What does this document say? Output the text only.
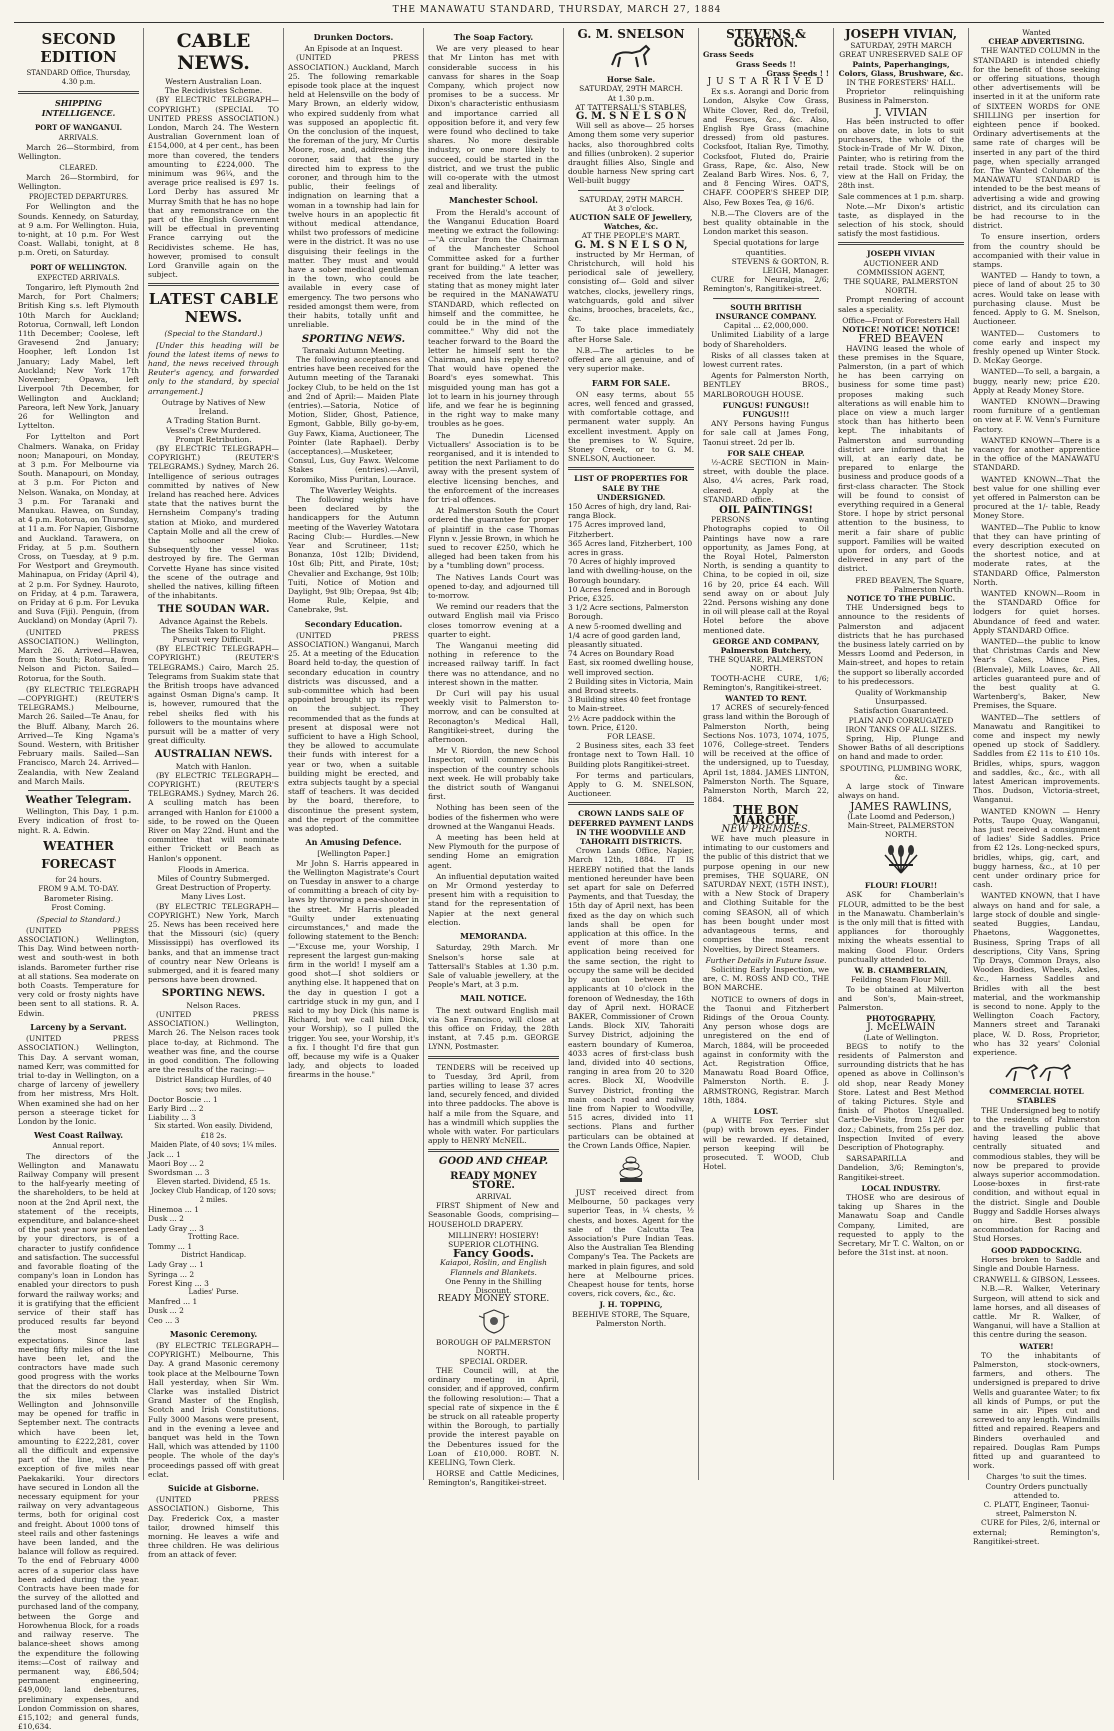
THE MANAWATU STANDARD, THURSDAY, MARCH 27, 1884
SECOND EDITION
STANDARD Office, Thursday, 4.30 p.m.
SHIPPING INTELLIGENCE.
PORT OF WANGANUI.
ARRIVALS.

March 26—Stormbird, from Wellington.

CLEARED.

March 26—Stormbird, for Wellington.

PROJECTED DEPARTURES.

For Wellington and the Sounds. Kennedy, on Saturday, at 9 a.m. For Wellington. Huia, to-night, at 10 p.m. For West Coast. Wallabi, tonight, at 8 p.m. Oreti, on Saturday.

PORT OF WELLINGTON.
EXPECTED ARRIVALS.

Tongariro, left Plymouth 2nd March, for Port Chalmers; British King s.s. left Plymouth 10th March for Auckland; Rotorua, Cornwall, left London 11th December; Coolese, left Gravesend 2nd January; Hoopher, left London 1st January; Lady Mabel, left Auckland; New York 17th November; Opawa, left Liverpool 7th December, for Wellington and Auckland; Pareora, left New York, January 26 for Wellington and Lyttelton.

For Lyttelton and Port Chalmers. Wanaka, on Friday noon; Manapouri, on Monday, at 3 p.m. For Melbourne via South. Manapouri, on Monday, at 3 p.m. For Picton and Nelson. Wanaka, on Monday, at 3 p.m. For Taranaki and Manukau. Hawea, on Sunday, at 4 p.m. Rotorua, on Thursday, at 11 a.m. For Napier, Gisborne and Auckland. Tarawera, on Friday, at 5 p.m. Southern Cross, on Tuesday, at 9 p.m. For Westport and Greymouth. Mahinapua, on Friday (April 4), at 2 p.m. For Sydney. Hauroto, on Friday, at 4 p.m. Tarawera, on Friday at 6 p.m. For Levuka and Suva (Fiji). Penguin, (from Auckland) on Monday (April 7).

(UNITED PRESS ASSOCIATION.) Wellington, March 26. Arrived—Hawea, from the South; Rotorua, from Nelson and Picton. Sailed—Rotorua, for the South.

(BY ELECTRIC TELEGRAPH—COPYRIGHT.) (REUTER'S TELEGRAMS.) Melbourne, March 26. Sailed—Te Anau, for the Bluff. Albany, March 26. Arrived—Te King Ngama's Sound. Western, with Britisher February mails. Sailed—San Francisco, March 24. Arrived—Zealandia, with New Zealand and March Mails.

Weather Telegram.

Wellington, This Day, 1 p.m. Every indication of frost to-night. R. A. Edwin.

WEATHER FORECAST
for 24 hours.
FROM 9 A.M. TO-DAY.
Barometer Rising.
Frost Coming.
(Special to Standard.)

(UNITED PRESS ASSOCIATION.) Wellington, This Day. Wind between north-west and south-west in both islands. Barometer further rise at all stations. Sea moderate on both Coasts. Temperature for very cold or frosty nights have been sent to all stations. R. A. Edwin.

Larceny by a Servant.

(UNITED PRESS ASSOCIATION.) Wellington, This Day. A servant woman, named Kerr, was committed for trial to-day in Wellington, on a charge of larceny of jewellery from her mistress, Mrs Holt. When examined she had on her person a steerage ticket for London by the Ionic.

West Coast Railway.
Annual report.

The directors of the Wellington and Manawatu Railway Company will present to the half-yearly meeting of the shareholders, to be held at noon at the 2nd April next, the statement of the receipts, expenditure, and balance-sheet of the past year now presented by your directors, is of a character to justify confidence and satisfaction. The successful and favorable floating of the company's loan in London has enabled your directors to push forward the railway works; and it is gratifying that the efficient service of their staff has produced results far beyond the most sanguine expectations. Since last meeting fifty miles of the line have been let, and the contractors have made such good progress with the works that the directors do not doubt the six miles between Wellington and Johnsonville may be opened for traffic in September next. The contracts which have been let, amounting to £222,281, cover all the difficult and expensive part of the line, with the exception of five miles near Paekakariki. Your directors have secured in London all the necessary equipment for your railway on very advantageous terms, both for original cost and freight. About 1000 tons of steel rails and other fastenings have been landed, and the balance will follow as required. To the end of February 4000 acres of a superior class have been added during the year. Contracts have been made for the survey of the allotted and purchased land of the company, between the Gorge and Horowhenua Block, for a roads and railway reserve. The balance-sheet shows among the expenditure the following items:—Cost of railway and permanent way, £86,504; permanent engineering, £49,000; land debentures, preliminary expenses, and London Commission on shares, £15,102; and general funds, £10,634.

CABLE NEWS.
Western Australian Loan.
The Recidivistes Scheme.

(BY ELECTRIC TELEGRAPH—COPYRIGHT.) (SPECIAL TO UNITED PRESS ASSOCIATION.) London, March 24. The Western Australian Government loan of £154,000, at 4 per cent., has been more than covered, the tenders amounting to £224,000. The minimum was 96¼, and the average price realised is £97 1s. Lord Derby has assured Mr Murray Smith that he has no hope that any remonstrance on the part of the English Government will be effectual in preventing France carrying out the Recidivistes scheme. He has, however, promised to consult Lord Granville again on the subject.

LATEST CABLE NEWS.
(Special to the Standard.)

[Under this heading will be found the latest items of news to hand, the news received through Reuter's agency, and forwarded only to the standard, by special arrangement.]

Outrage by Natives of New Ireland.
A Trading Station Burnt.
Vessel's Crew Murdered.
Prompt Retribution.

(BY ELECTRIC TELEGRAPH—COPYRIGHT.) (REUTER'S TELEGRAMS.) Sydney, March 26. Intelligence of serious outrages committed by natives of New Ireland has reached here. Advices state that the natives burnt the Hernsheim Company's trading station at Mioko, and murdered Captain Molle and all the crew of the schooner Mioko. Subsequently the vessel was destroyed by fire. The German Corvette Hyane has since visited the scene of the outrage and shelled the natives, killing fifteen of the inhabitants.

THE SOUDAN WAR.
Advance Against the Rebels.
The Sheiks Taken to Flight.
Pursuit very Difficult.

(BY ELECTRIC TELEGRAPH—COPYRIGHT.) (REUTER'S TELEGRAMS.) Cairo, March 25. Telegrams from Suakim state that the British troops have advanced against Osman Digna's camp. It is, however, rumoured that the rebel sheiks fled with his followers to the mountains where pursuit will be a matter of very great difficulty.

AUSTRALIAN NEWS.
Match with Hanlon.

(BY ELECTRIC TELEGRAPH—COPYRIGHT.) (REUTER'S TELEGRAMS.) Sydney, March 26. A sculling match has been arranged with Hanlon for £1000 a side, to be rowed on the Queen River on May 22nd. Hunt and the committee that will nominate either Trickett or Beach as Hanlon's opponent.

Floods in America.
Miles of Country Submerged.
Great Destruction of Property.
Many Lives Lost.

(BY ELECTRIC TELEGRAPH—COPYRIGHT.) New York, March 25. News has been received here that the Missouri (sic) (query Mississippi) has overflowed its banks, and that an immense tract of country near New Orleans is submerged, and it is feared many persons have been drowned.

SPORTING NEWS.
Nelson Races.

(UNITED PRESS ASSOCIATION.) Wellington, March 26. The Nelson races took place to-day, at Richmond. The weather was fine, and the course in good condition. The following are the results of the racing:—

District Handicap Hurdles, of 40 sovs; two miles.
Doctor Boscie ... 1
Early Bird ... 2
Liability ... 3
Six started. Won easily. Dividend, £18 2s.
Maiden Plate, of 40 sovs; 1¼ miles.
Jack ... 1
Maori Boy ... 2
Swordsman ... 3
Eleven started. Dividend, £5 1s.
Jockey Club Handicap, of 120 sovs; 2 miles.
Hinemoa ... 1
Dusk ... 2
Lady Gray ... 3
Trotting Race.
Tommy ... 1
District Handicap.
Lady Gray ... 1
Syringa ... 2
Forest King ... 3
Ladies' Purse.
Manfred ... 1
Dusk ... 2
Ceo ... 3
Masonic Ceremony.

(BY ELECTRIC TELEGRAPH—COPYRIGHT.) Melbourne, This Day. A grand Masonic ceremony took place at the Melbourne Town Hall yesterday, when Sir Wm. Clarke was installed District Grand Master of the English, Scotch and Irish Constitutions. Fully 3000 Masons were present, and in the evening a levee and banquet was held in the Town Hall, which was attended by 1100 people. The whole of the day's proceedings passed off with great eclat.

Suicide at Gisborne.

(UNITED PRESS ASSOCIATION.) Gisborne, This Day. Frederick Cox, a master tailor, drowned himself this morning. He leaves a wife and three children. He was delirious from an attack of fever.

Drunken Doctors.
An Episode at an Inquest.

(UNITED PRESS ASSOCIATION.) Auckland, March 25. The following remarkable episode took place at the inquest held at Helensville on the body of Mary Brown, an elderly widow, who expired suddenly from what was supposed an apoplectic fit. On the conclusion of the inquest, the foreman of the jury, Mr Curtis Moore, rose, and, addressing the coroner, said that the jury directed him to express to the coroner, and through him to the public, their feelings of indignation on learning that a woman in a township had lain for twelve hours in an apoplectic fit without medical attendance, whilst two professors of medicine were in the district. It was no use disguising their feelings in the matter. They must and would have a sober medical gentleman in the town, who could be available in every case of emergency. The two persons who resided amongst them were, from their habits, totally unfit and unreliable.

SPORTING NEWS.
Taranaki Autumn Meeting.

The following acceptances and entries have been received for the Autumn meeting of the Taranaki Jockey Club, to be held on the 1st and 2nd of April:— Maiden Plate (entries).—Satoria, Notice of Motion, Slider, Ghost, Patience, Egmont, Gabble, Billy go-by-em, Guy Fawx, Kiama, Auctioneer, The Pointer (late Raphael). Derby (acceptances).—Musketeer, Consul, Lus, Guy Fawx. Welcome Stakes (entries).—Anvil, Koromiko, Miss Puritan, Lourace.

The Waverley Weights.

The following weights have been declared by the handicappers for the Autumn meeting of the Waverley Watotara Racing Club:— Hurdles.—New Year and Scrutineer, 11st; Bonanza, 10st 12lb; Dividend, 10st 6lb; Pitt, and Pirate, 10st; Chevalier and Exchange, 9st 10lb; Tuiti, Notice of Motion and Daylight, 9st 9lb; Orepaa, 9st 4lb; Home Rule, Kelpie, and Canebrake, 9st.

Secondary Education.

(UNITED PRESS ASSOCIATION.) Wanganui, March 25. At a meeting of the Education Board held to-day, the question of secondary education in country districts was discussed, and a sub-committee which had been appointed brought up its report on the subject. They recommended that as the funds at present at disposal were not sufficient to have a High School, they be allowed to accumulate their funds with interest for a year or two, when a suitable building might be erected, and extra subjects taught by a special staff of teachers. It was decided by the board, therefore, to discontinue the present system, and the report of the committee was adopted.

An Amusing Defence.
[Wellington Paper.]

Mr John S. Harris appeared in the Wellington Magistrate's Court on Tuesday in answer to a charge of committing a breach of city by-laws by throwing a pea-shooter in the street. Mr Harris pleaded "Guilty under extenuating circumstances," and made the following statement to the Bench:—"Excuse me, your Worship, I represent the largest gun-making firm in the world! I myself am a good shot—I shot soldiers or anything else. It happened that on the day in question I got a cartridge stuck in my gun, and I said to my boy Dick (his name is Richard, but we call him Dick, your Worship), so I pulled the trigger. You see, your Worship, it's a fix. I thought I'd fire that gun off, because my wife is a Quaker lady, and objects to loaded firearms in the house."

The Soap Factory.

We are very pleased to hear that Mr Linton has met with considerable success in his canvass for shares in the Soap Company, which project now promises to be a success. Mr Dixon's characteristic enthusiasm and importance carried all opposition before it, and very few were found who declined to take shares. No more desirable industry, or one more likely to succeed, could be started in the district, and we trust the public will co-operate with the utmost zeal and liberality.

Manchester School.

From the Herald's account of the Wanganui Education Board meeting we extract the following:—"A circular from the Chairman of the Manchester School Committee asked for a further grant for building." A letter was received from the late teacher, stating that as money might later be required in the MANAWATU STANDARD, which reflected on himself and the committee, he could be in the mind of the committee." Why did not the teacher forward to the Board the letter he himself sent to the Chairman, and his reply thereto? That would have opened the Board's eyes somewhat. This misguided young man has got a lot to learn in his journey through life, and we fear he is beginning in the right way to make many troubles as he goes.

The Dunedin Licensed Victuallers' Association is to be reorganised, and it is intended to petition the next Parliament to do away with the present system of elective licensing benches, and the enforcement of the increases for tri-al offences.

At Palmerston South the Court ordered the guarantee for proper of plaintiff in the case Thomas Flynn v. Jessie Brown, in which he sued to recover £250, which he alleged had been taken from his by a "tumbling down" process.

The Natives Lands Court was opened to-day, and adjourned till to-morrow.

We remind our readers that the outward English mail via Frisco closes tomorrow evening at a quarter to eight.

The Wanganui meeting did nothing in reference to the increased railway tariff. In fact there was no attendance, and no interest shown in the matter.

Dr Curl will pay his usual weekly visit to Palmerston to-morrow, and can be consulted at Reconagton's Medical Hall, Rangitikei-street, during the afternoon.

Mr V. Riordon, the new School Inspector, will commence his inspection of the country schools next week. He will probably take the district south of Wanganui first.

Nothing has been seen of the bodies of the fishermen who were drowned at the Wanganui Heads.

A meeting has been held at New Plymouth for the purpose of sending Home an emigration agent.

An influential deputation waited on Mr Ormond yesterday to present him with a requisition to stand for the representation of Napier at the next general election.

MEMORANDA.

Saturday, 29th March. Mr Snelson's horse sale at Tattersall's Stables at 1.30 p.m. Sale of valuable jewellery, at the People's Mart, at 3 p.m.

MAIL NOTICE.

The next outward English mail via San Francisco, will close at this office on Friday, the 28th instant, at 7.45 p.m. GEORGE LYNN, Postmaster.

TENDERS will be received up to Tuesday, 3rd April, from parties willing to lease 37 acres land, securely fenced, and divided into three paddocks. The above is half a mile from the Square, and has a windmill which supplies the whole with water. For particulars apply to HENRY McNEIL.

GOOD AND CHEAP.
READY MONEY STORE.
ARRIVAL

FIRST Shipment of New and Seasonable Goods, comprising— HOUSEHOLD DRAPERY.

MILLINERY! HOSIERY!
SUPERIOR CLOTHING.
Fancy Goods.
Kaiapoi, Roslin, and English Flannels and Blankets.
One Penny in the Shilling Discount.
READY MONEY STORE.
BOROUGH OF PALMERSTON NORTH.
SPECIAL ORDER.

THE Council will, at the ordinary meeting in April, consider, and if approved, confirm the following resolution:— That a special rate of sixpence in the £ be struck on all rateable property within the Borough, to partially provide the interest payable on the Debentures issued for the Loan of £10,000. ROBT. N. KEELING, Town Clerk.

HORSE and Cattle Medicines, Remington's, Rangitikei-street.

G. M. SNELSON
Horse Sale.
SATURDAY, 29TH MARCH.
At 1.30 p.m.
AT TATTERSALL'S STABLES,
G. M. S N E L S O N

Will sell as above— 25 horses Among them some very superior hacks, also thoroughbred colts and fillies (unbroken). 2 superior draught fillies Also, Single and double harness New spring cart Well-built buggy

SATURDAY, 29TH MARCH.
At 3 o'clock.
AUCTION SALE OF Jewellery, Watches, &c.
AT THE PEOPLE'S MART.
G. M. S N E L S O N,

instructed by Mr Herman, of Christchurch, will hold his periodical sale of jewellery, consisting of— Gold and silver watches, clocks, jewellery rings, watchguards, gold and silver chains, brooches, bracelets, &c., &c.

To take place immediately after Horse Sale.

N.B.—The articles to be offered are all genuine, and of very superior make.

FARM FOR SALE.

ON easy terms, about 55 acres, well fenced and grassed, with comfortable cottage, and permanent water supply. An excellent investment. Apply on the premises to W. Squire, Stoney Creek, or to G. M. SNELSON, Auctioneer.

LIST OF PROPERTIES FOR SALE BY THE UNDERSIGNED.
150 Acres of high, dry land, Rai-ranga Block.
175 Acres improved land, Fitzherbert.
365 Acres land, Fitzherbert, 100 acres in grass.
70 Acres of highly improved land with dwelling-house, on the Borough boundary.
10 Acres fenced and in Borough Price, £325.
3 1/2 Acre sections, Palmerston Borough.
A new 5-roomed dwelling and 1/4 acre of good garden land, pleasantly situated.
74 Acres on Boundary Road East, six roomed dwelling house, well improved section.
2 Building sites in Victoria, Main and Broad streets.
3 Building sites 40 feet frontage to Main-street.
2½ Acre paddock within the town. Price, £120.
FOR LEASE.

2 Business sites, each 33 feet frontage next to Town Hall. 10 Building plots Rangitikei-street.

For terms and particulars, Apply to G. M. SNELSON, Auctioneer.

CROWN LANDS SALE OF DEFERRED PAYMENT LANDS IN THE WOODVILLE AND TAHORAITI DISTRICTS.

Crown Lands Office, Napier, March 12th, 1884. IT IS HEREBY notified that the lands mentioned hereunder have been set apart for sale on Deferred Payments, and that Tuesday, the 15th day of April next, has been fixed as the day on which such lands shall be open for application at this office. In the event of more than one application being received for the same section, the right to occupy the same will be decided by auction between the applicants at 10 o'clock in the forenoon of Wednesday, the 16th day of April next. HORACE BAKER, Commissioner of Crown Lands. Block XIV, Tahoraiti Survey District, adjoining the eastern boundary of Kumeroa, 4033 acres of first-class bush land, divided into 40 sections, ranging in area from 20 to 320 acres. Block XI, Woodville Survey District, fronting the main coach road and railway line from Napier to Woodville, 515 acres, divided into 11 sections. Plans and further particulars can be obtained at the Crown Lands Office, Napier.

JUST received direct from Melbourne, 50 packages very superior Teas, in ¼ chests, ½ chests, and boxes. Agent for the sale of the Calcutta Tea Association's Pure Indian Teas. Also the Australian Tea Blending Company's Tea. The Packets are marked in plain figures, and sold here at Melbourne prices. Cheapest house for tents, horse covers, rick covers, &c., &c.

J. H. TOPPING,
BEEHIVE STORE, The Square, Palmerston North.
STEVENS & GORTON.
Grass Seeds
Grass Seeds !!
Grass Seeds ! !
J U S T A R R I V E D

Ex s.s. Aorangi and Doric from London, Alsyke Cow Grass, White Clover, Red do, Trefoil, and Fescues, &c., &c. Also, English Rye Grass (machine dressed) from old pastures. Cocksfoot, Italian Rye, Timothy, Cocksfoot, Fluted do, Prairie Grass, Rape, &c. Also, New Zealand Barb Wires. Nos. 6, 7, and 8 Fencing Wires. OAT'S, CHAFF. COOPER'S SHEEP DIP, Also, Few Boxes Tea, @ 16/6.

N.B.—The Clovers are of the best quality obtainable in the London market this season.

Special quotations for large quantities.
STEVENS & GORTON, R. LEIGH, Manager.

CURE for Neuralgia, 2/6; Remington's, Rangitikei-street.

SOUTH BRITISH INSURANCE COMPANY.
Capital ... £2,000,000.

Unlimited Liability of a large body of Shareholders.

Risks of all classes taken at lowest current rates.

Agents for Palmerston North, BENTLEY BROS., MARLBOROUGH HOUSE.

FUNGUS! FUNGUS!! FUNGUS!!!

ANY Persons having Fungus for sale call at James Fong, Taonui street. 2d per lb.

FOR SALE CHEAP.

½-ACRE SECTION in Main-street, with double the place. Also, 4¼ acres, Park road, cleared. Apply at the STANDARD office.

OIL PAINTINGS!

PERSONS wanting Photographs copied to Oil Paintings have now a rare opportunity, as James Fong, at the Royal Hotel, Palmerston North, is sending a quantity to China, to be copied in oil, size 16 by 20, price £4 each. Will send away on or about July 22nd. Persons wishing any done in oil will please call at the Royal Hotel before the above mentioned date.

GEORGE AND COMPANY,
Palmerston Butchery,
THE SQUARE, PALMERSTON NORTH.

TOOTH-ACHE CURE, 1/6; Remington's, Rangitikei-street.

WANTED TO RENT.

17 ACRES of securely-fenced grass land within the Borough of Palmerston North, being Sections Nos. 1073, 1074, 1075, 1076, College-street. Tenders will be received at the office of the undersigned, up to Tuesday, April 1st, 1884. JAMES LINTON, Palmerston North. The Square, Palmerston North, March 22, 1884.

THE BON MARCHE,
NEW PREMISES.

WE have much pleasure in intimating to our customers and the public of this district that we purpose opening in our new premises, THE SQUARE, ON SATURDAY NEXT, (15TH INST.), with a New Stock of Drapery and Clothing Suitable for the coming SEASON, all of which has been bought under most advantageous terms, and comprises the most recent Novelties, by Direct Steamers.

Further Details in Future Issue.

Soliciting Early Inspection, we are, C. M. ROSS AND CO., THE BON MARCHE.

NOTICE to owners of dogs in the Taonui and Fitzherbert Ridings of the Oroua County. Any person whose dogs are unregistered on the end of March, 1884, will be proceeded against in conformity with the Act. Registration Office, Manawatu Road Board Office, Palmerston North. E. J. ARMSTRONG, Registrar. March 18th, 1884.

LOST.

A WHITE Fox Terrier slut (pup) with brown eyes. Finder will be rewarded. If detained, person keeping will be prosecuted. T. WOOD, Club Hotel.

JOSEPH VIVIAN,
SATURDAY, 29TH MARCH
GREAT UNRESERVED SALE OF
Paints, Paperhangings, Colors, Glass, Brushware, &c.
IN THE FORESTERS' HALL.

Proprietor relinquishing Business in Palmerston.

J. VIVIAN

Has been instructed to offer on above date, in lots to suit purchasers, the whole of the Stock-in-Trade of Mr W. Dixon, Painter, who is retiring from the retail trade. Stock will be on view at the Hall on Friday, the 28th inst.

Sale commences at 1 p.m. sharp.

Note.—Mr Dixon's artistic taste, as displayed in the selection of his stock, should satisfy the most fastidious.

JOSEPH VIVIAN
AUCTIONEER AND COMMISSION AGENT,
THE SQUARE, PALMERSTON NORTH.

Prompt rendering of account sales a speciality.

Office—Front of Foresters Hall
NOTICE! NOTICE! NOTICE!
FRED BEAVEN

HAVING leased the whole of these premises in the Square, Palmerston, (in a part of which he has been carrying on business for some time past) proposes making such alterations as will enable him to place on view a much larger stock than has hitherto been kept. The inhabitants of Palmerston and surrounding district are informed that he will, at an early date, be prepared to enlarge the business and produce goods of a first-class character. The Stock will be found to consist of everything required in a General Store. I hope by strict personal attention to the business, to merit a fair share of public support. Families will be waited upon for orders, and Goods delivered in any part of the district.

FRED BEAVEN, The Square, Palmerston North.
NOTICE TO THE PUBLIC.

THE Undersigned begs to announce to the residents of Palmerston and adjacent districts that he has purchased the business lately carried on by Messrs Loomd and Pederson, in Main-street, and hopes to retain the support so liberally accorded to his predecessors.

Quality of Workmanship Unsurpassed.
Satisfaction Guaranteed.
PLAIN AND CORRUGATED IRON TANKS OF ALL SIZES.

Spring, Hip, Plunge and Shower Baths of all descriptions on hand and made to order.

SPOUTING, PLUMBING WORK, &c.

A large stock of Tinware always on hand.

JAMES RAWLINS,
(Late Loomd and Pederson,) Main-Street, PALMERSTON NORTH.
FLOUR! FLOUR!!

ASK for Chamberlain's FLOUR, admitted to be the best in the Manawatu. Chamberlain's is the only mill that is fitted with appliances for thoroughly mixing the wheats essential to making Good Flour. Orders punctually attended to.

W. B. CHAMBERLAIN,
Feilding Steam Flour Mill.

To be obtained at Milverton and Son's, Main-street, Palmerston.

PHOTOGRAPHY.
J. McELWAIN
(Late of Wellington.

BEGS to notify to the residents of Palmerston and surrounding districts that he has opened as above in Collinson's old shop, near Ready Money Store. Latest and Best Method of taking Pictures. Style and finish of Photos Unequalled. Carte-De-Visite, from 12/6 per doz.; Cabinets, from 25s per doz. Inspection Invited of every Description of Photography.

SARSAPARILLA and Dandelion, 3/6; Remington's, Rangitikei-street.

LOCAL INDUSTRY.

THOSE who are desirous of taking up Shares in the Manawatu Soap and Candle Company, Limited, are requested to apply to the Secretary, Mr T. C. Walton, on or before the 31st inst. at noon.

Wanted
CHEAP ADVERTISING.

THE WANTED COLUMN in the STANDARD is intended chiefly for the benefit of those seeking or offering situations, though other advertisements will be inserted in it at the uniform rate of SIXTEEN WORDS for ONE SHILLING per insertion for eighteen pence if booked. Ordinary advertisements at the same rate of charges will be inserted in any part of the third page, when specially arranged for. The Wanted Column of the MANAWATU STANDARD is intended to be the best means of advertising a wide and growing district, and its circulation can be had recourse to in the district.

To ensure insertion, orders from the country should be accompanied with their value in stamps.

WANTED — Handy to town, a piece of land of about 25 to 30 acres. Would take on lease with purchasing clause. Must be fenced. Apply to G. M. Snelson, Auctioneer.

WANTED— Customers to come early and inspect my freshly opened up Winter Stock. D. McKay George.

WANTED—To sell, a bargain, a buggy, nearly new; price £20. Apply at Ready Money Store.

WANTED KNOWN—Drawing room furniture of a gentleman on view at F. W. Venn's Furniture Factory.

WANTED KNOWN—There is a vacancy for another apprentice in the office of the MANAWATU STANDARD.

WANTED KNOWN—That the best value for one shilling ever yet offered in Palmerston can be procured at the 1/- table, Ready Money Store.

WANTED—The Public to know that they can have printing of every description executed on the shortest notice, and at moderate rates, at the STANDARD Office, Palmerston North.

WANTED KNOWN—Room in the STANDARD Office for lodgers for quiet horses. Abundance of feed and water. Apply STANDARD Office.

WANTED—the public to know that Christmas Cards and New Year's Cakes, Mince Pies, (Blenvale), Milk Loaves, &c. All articles guaranteed pure and of the best quality at G. Wartenberg's, Baker, New Premises, the Square.

WANTED—The settlers of Manawatu and Rangitikei to come and inspect my newly opened up stock of Saddlery. Saddles from £2 11s to £10 10s. Bridles, whips, spurs, waggon and saddles, &c., &c., with all latest American improvements. Thos. Dudson, Victoria-street, Wanganui.

WANTED KNOWN — Henry Potts, Taupo Quay, Wanganui, has just received a consignment of ladies' Side Saddles. Price from £2 12s. Long-necked spurs, bridles, whips, gig, cart, and buggy harness, &c., at 10 per cent under ordinary price for cash.

WANTED KNOWN, that I have always on hand and for sale, a large stock of double and single-seated Buggies, Landau, Phaetons, Waggonettes, Business, Spring Traps of all descriptions, City Vans, Spring Tip Drays, Common Drays, also Wooden Bodies, Wheels, Axles, &c., Harness Saddles and Bridles with all the best material, and the workmanship is second to none. Apply to the Wellington Coach Factory, Manners street and Taranaki place, W. D. Ross, Proprietor, who has 32 years' Colonial experience.

COMMERCIAL HOTEL STABLES

THE Undersigned beg to notify to the residents of Palmerston and the travelling public that having leased the above centrally situated and commodious stables, they will be now be prepared to provide always superior accommodation. Loose-boxes in first-rate condition, and without equal in the district. Single and Double Buggy and Saddle Horses always on hire. Best possible accommodation for Racing and Stud Horses.

GOOD PADDOCKING.

Horses broken to Saddle and Single and Double Harness.

CRANWELL & GIBSON, Lessees.

N.B.—R. Walker, Veterinary Surgeon, will attend to sick and lame horses, and all diseases of cattle. Mr R. Walker, of Wanganui, will have a Stallion at this centre during the season.

WATER!

TO the inhabitants of Palmerston, stock-owners, farmers, and others. The undersigned is prepared to drive Wells and guarantee Water; to fix all kinds of Pumps, or put the same in air. Pipes cut and screwed to any length. Windmills fitted and repaired. Reapers and Binders overhauled and repaired. Douglas Ram Pumps fitted up and guaranteed to work.

Charges 'to suit the times.
Country Orders punctually attended to.
C. PLATT, Engineer, Taonui-street, Palmerston N.

CURE for Piles, 2/6, internal or external; Remington's, Rangitikei-street.
